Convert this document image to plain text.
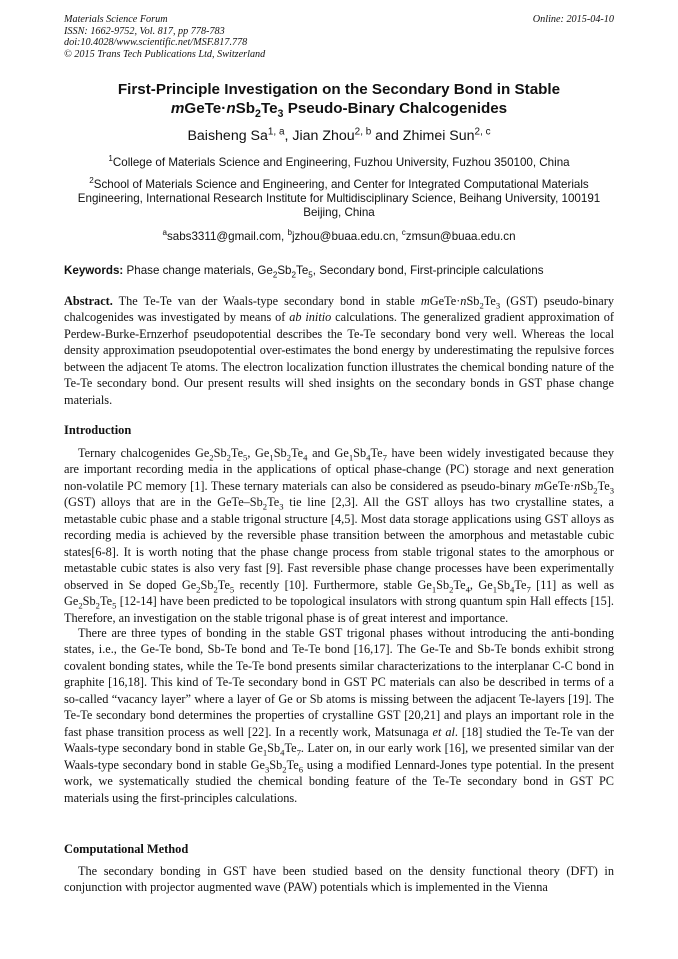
Materials Science Forum
ISSN: 1662-9752, Vol. 817, pp 778-783
doi:10.4028/www.scientific.net/MSF.817.778
© 2015 Trans Tech Publications Ltd, Switzerland
Online: 2015-04-10
First-Principle Investigation on the Secondary Bond in Stable
$mGeTe\cdot nSb_2Te_3$ Pseudo-Binary Chalcogenides
Baisheng Sa$^{1, a}$, Jian Zhou$^{2, b}$ and Zhimei Sun$^{2, c}$
$^1$College of Materials Science and Engineering, Fuzhou University, Fuzhou 350100, China
$^2$School of Materials Science and Engineering, and Center for Integrated Computational Materials Engineering, International Research Institute for Multidisciplinary Science, Beihang University, 100191 Beijing, China
$^a$sabs3311@gmail.com, $^b$jzhou@buaa.edu.cn, $^c$zmsun@buaa.edu.cn
Keywords: Phase change materials, $Ge_2Sb_2Te_5$, Secondary bond, First-principle calculations
Abstract. The Te-Te van der Waals-type secondary bond in stable $mGeTe\cdot nSb_2Te_3$ (GST) pseudo-binary
chalcogenides was investigated by means of ab initio calculations. The generalized gradient approximation of
Perdew-Burke-Ernzerhof pseudopotential describes the Te-Te secondary bond very well. Whereas the local
density approximation pseudopotential over-estimates the bond energy by underestimating the repulsive forces
between the adjacent Te atoms. The electron localization function illustrates the chemical bonding nature of the
Te-Te secondary bond. Our present results will shed insights on the secondary bonds in GST phase change
materials.
Introduction
Ternary chalcogenides $Ge_2Sb_2Te_5$, $Ge_1Sb_2Te_4$ and $Ge_1Sb_4Te_7$ have been widely investigated because they
are important recording media in the applications of optical phase-change (PC) storage and next generation
non-volatile PC memory [1]. These ternary materials can also be considered as pseudo-binary $mGeTe\cdot nSb_2Te_3$
(GST) alloys that are in the GeTe–$Sb_2Te_3$ tie line [2,3]. All the GST alloys has two crystalline states, a
metastable cubic phase and a stable trigonal structure [4,5]. Most data storage applications using GST alloys as
recording media is achieved by the reversible phase transition between the amorphous and metastable cubic
states[6-8]. It is worth noting that the phase change process from stable trigonal states to the amorphous or
metastable cubic states is also very fast [9]. Fast reversible phase change processes have been experimentally
observed in Se doped $Ge_2Sb_2Te_5$ recently [10]. Furthermore, stable $Ge_1Sb_2Te_4$, $Ge_1Sb_4Te_7$ [11] as well as
$Ge_2Sb_2Te_5$ [12-14] have been predicted to be topological insulators with strong quantum spin Hall effects [15].
Therefore, an investigation on the stable trigonal phase is of great interest and importance.
There are three types of bonding in the stable GST trigonal phases without introducing the anti-bonding
states, i.e., the Ge-Te bond, Sb-Te bond and Te-Te bond [16,17]. The Ge-Te and Sb-Te bonds exhibit strong
covalent bonding states, while the Te-Te bond presents similar characterizations to the interplanar C-C bond in
graphite [16,18]. This kind of Te-Te secondary bond in GST PC materials can also be described in terms of a
so-called “vacancy layer” where a layer of Ge or Sb atoms is missing between the adjacent Te-layers [19]. The
Te-Te secondary bond determines the properties of crystalline GST [20,21] and plays an important role in the
fast phase transition process as well [22]. In a recently work, Matsunaga et al. [18] studied the Te-Te van der
Waals-type secondary bond in stable $Ge_1Sb_4Te_7$. Later on, in our early work [16], we presented similar van der
Waals-type secondary bond in stable $Ge_3Sb_2Te_6$ using a modified Lennard-Jones type potential. In the present
work, we systematically studied the chemical bonding feature of the Te-Te secondary bond in GST PC
materials using the first-principles calculations.
Computational Method
The secondary bonding in GST have been studied based on the density functional theory (DFT) in
conjunction with projector augmented wave (PAW) potentials which is implemented in the Vienna
